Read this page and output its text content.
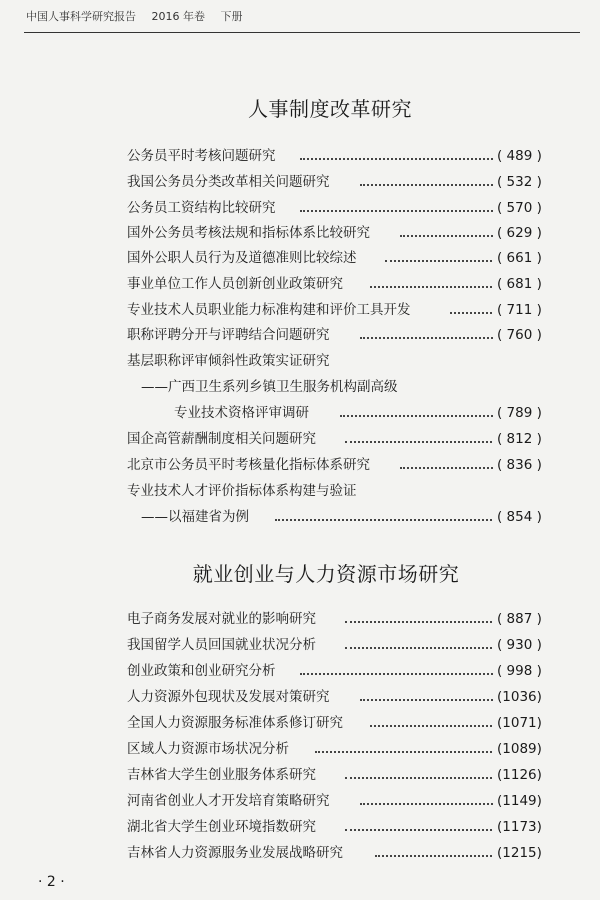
中国人事科学研究报告 2016 年卷 下册
人事制度改革研究
公务员平时考核问题研究	( 489 )
我国公务员分类改革相关问题研究	( 532 )
公务员工资结构比较研究	( 570 )
国外公务员考核法规和指标体系比较研究	( 629 )
国外公职人员行为及道德准则比较综述	( 661 )
事业单位工作人员创新创业政策研究	( 681 )
专业技术人员职业能力标准构建和评价工具开发	( 711 )
职称评聘分开与评聘结合问题研究	( 760 )
基层职称评审倾斜性政策实证研究
——广西卫生系列乡镇卫生服务机构副高级
专业技术资格评审调研	( 789 )
国企高管薪酬制度相关问题研究	( 812 )
北京市公务员平时考核量化指标体系研究	( 836 )
专业技术人才评价指标体系构建与验证
——以福建省为例	( 854 )
就业创业与人力资源市场研究
电子商务发展对就业的影响研究	( 887 )
我国留学人员回国就业状况分析	( 930 )
创业政策和创业研究分析	( 998 )
人力资源外包现状及发展对策研究	(1036)
全国人力资源服务标准体系修订研究	(1071)
区域人力资源市场状况分析	(1089)
吉林省大学生创业服务体系研究	(1126)
河南省创业人才开发培育策略研究	(1149)
湖北省大学生创业环境指数研究	(1173)
吉林省人力资源服务业发展战略研究	(1215)
· 2 ·
